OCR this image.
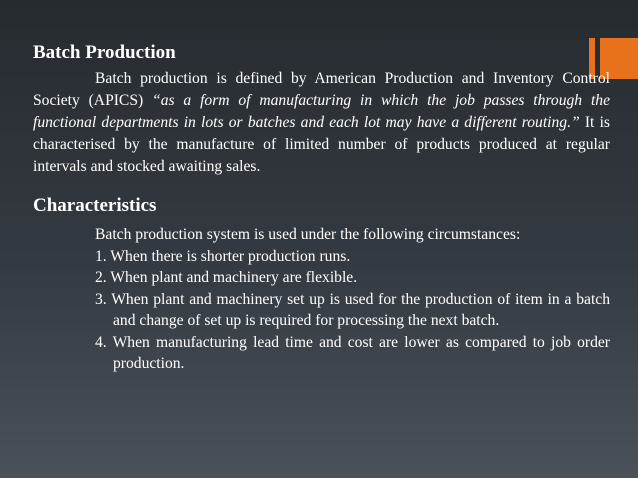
Batch Production

Batch production is defined by American Production and Inventory Control Society (APICS) “as a form of manufacturing in which the job passes through the functional departments in lots or batches and each lot may have a different routing.” It is characterised by the manufacture of limited number of products produced at regular intervals and stocked awaiting sales.

Characteristics
Batch production system is used under the following circumstances:
1. When there is shorter production runs.
2. When plant and machinery are flexible.
3. When plant and machinery set up is used for the production of item in a batch and change of set up is required for processing the next batch.
4. When manufacturing lead time and cost are lower as compared to job order production.
